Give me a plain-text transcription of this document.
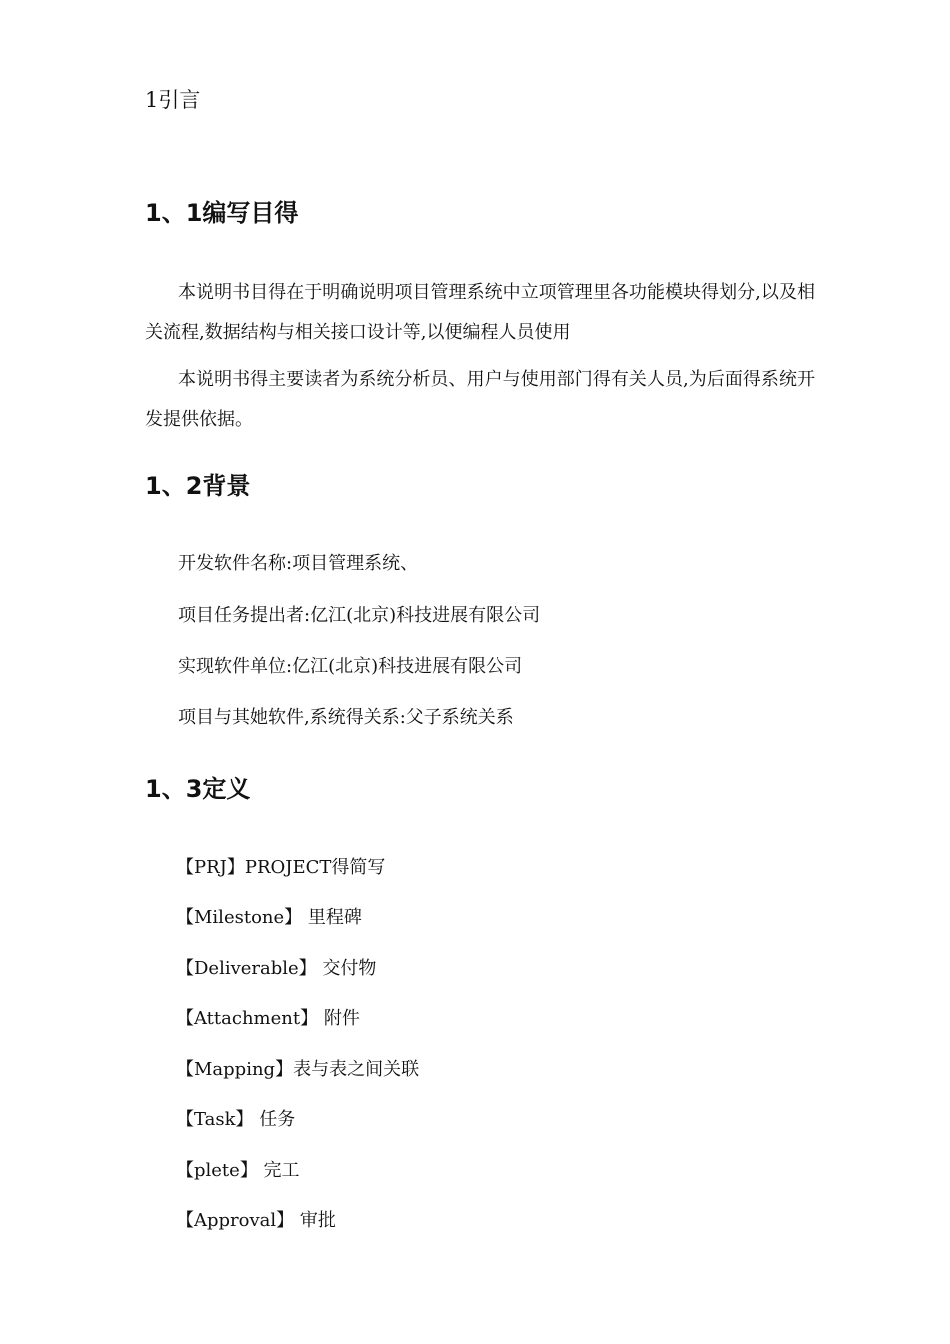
1引言
1、1编写目得
本说明书目得在于明确说明项目管理系统中立项管理里各功能模块得划分,以及相关流程,数据结构与相关接口设计等,以便编程人员使用
本说明书得主要读者为系统分析员、用户与使用部门得有关人员,为后面得系统开发提供依据。
1、2背景
开发软件名称:项目管理系统、
项目任务提出者:亿江(北京)科技进展有限公司
实现软件单位:亿江(北京)科技进展有限公司
项目与其她软件,系统得关系:父子系统关系
1、3定义
【PRJ】PROJECT得简写
【Milestone】 里程碑
【Deliverable】 交付物
【Attachment】 附件
【Mapping】表与表之间关联
【Task】 任务
【plete】 完工
【Approval】 审批
